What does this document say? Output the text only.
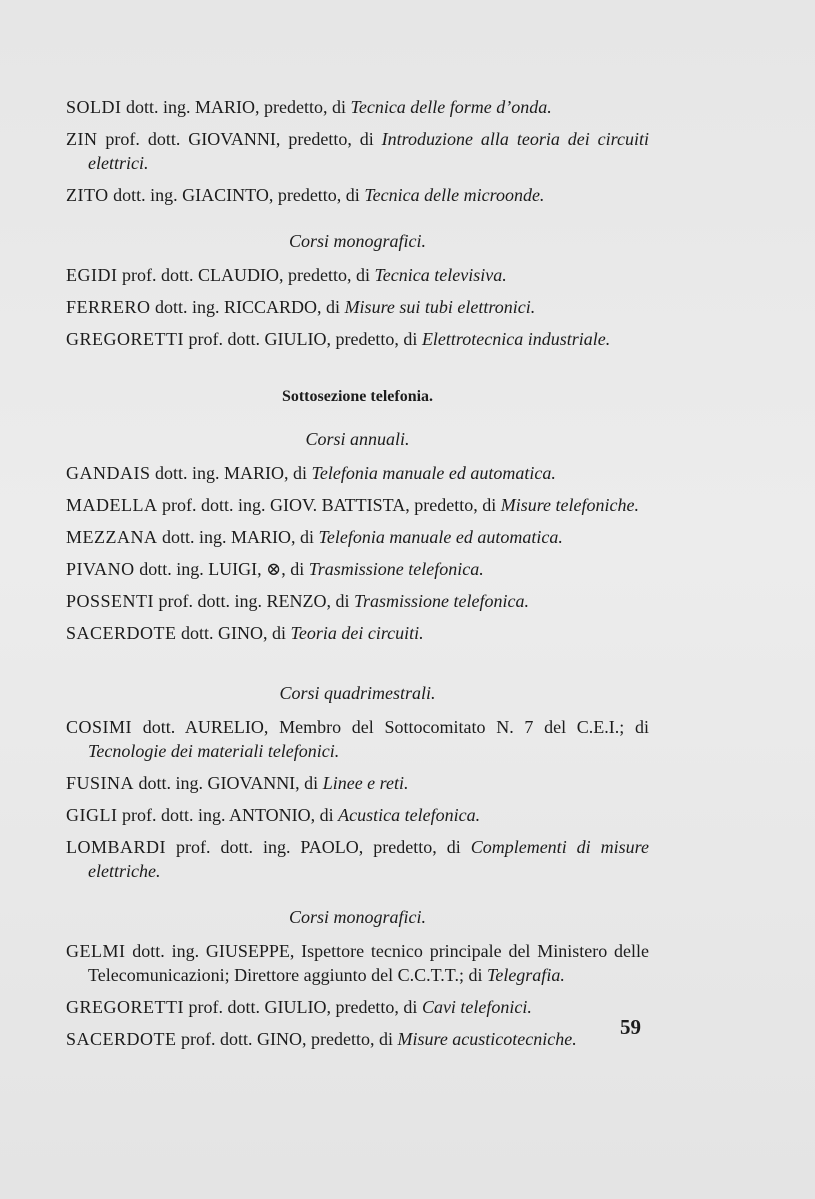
SOLDI dott. ing. MARIO, predetto, di Tecnica delle forme d’onda.

ZIN prof. dott. GIOVANNI, predetto, di Introduzione alla teoria dei circuiti elettrici.

ZITO dott. ing. GIACINTO, predetto, di Tecnica delle microonde.

Corsi monografici.

EGIDI prof. dott. CLAUDIO, predetto, di Tecnica televisiva.

FERRERO dott. ing. RICCARDO, di Misure sui tubi elettronici.

GREGORETTI prof. dott. GIULIO, predetto, di Elettrotecnica industriale.

Sottosezione telefonia.
Corsi annuali.

GANDAIS dott. ing. MARIO, di Telefonia manuale ed automatica.

MADELLA prof. dott. ing. GIOV. BATTISTA, predetto, di Misure telefoniche.

MEZZANA dott. ing. MARIO, di Telefonia manuale ed automatica.

PIVANO dott. ing. LUIGI, ⊗, di Trasmissione telefonica.

POSSENTI prof. dott. ing. RENZO, di Trasmissione telefonica.

SACERDOTE dott. GINO, di Teoria dei circuiti.

Corsi quadrimestrali.

COSIMI dott. AURELIO, Membro del Sottocomitato N. 7 del C.E.I.; di Tecnologie dei materiali telefonici.

FUSINA dott. ing. GIOVANNI, di Linee e reti.

GIGLI prof. dott. ing. ANTONIO, di Acustica telefonica.

LOMBARDI prof. dott. ing. PAOLO, predetto, di Complementi di misure elettriche.

Corsi monografici.

GELMI dott. ing. GIUSEPPE, Ispettore tecnico principale del Ministero delle Telecomunicazioni; Direttore aggiunto del C.C.T.T.; di Telegrafia.

GREGORETTI prof. dott. GIULIO, predetto, di Cavi telefonici.

SACERDOTE prof. dott. GINO, predetto, di Misure acusticotecniche.	59
